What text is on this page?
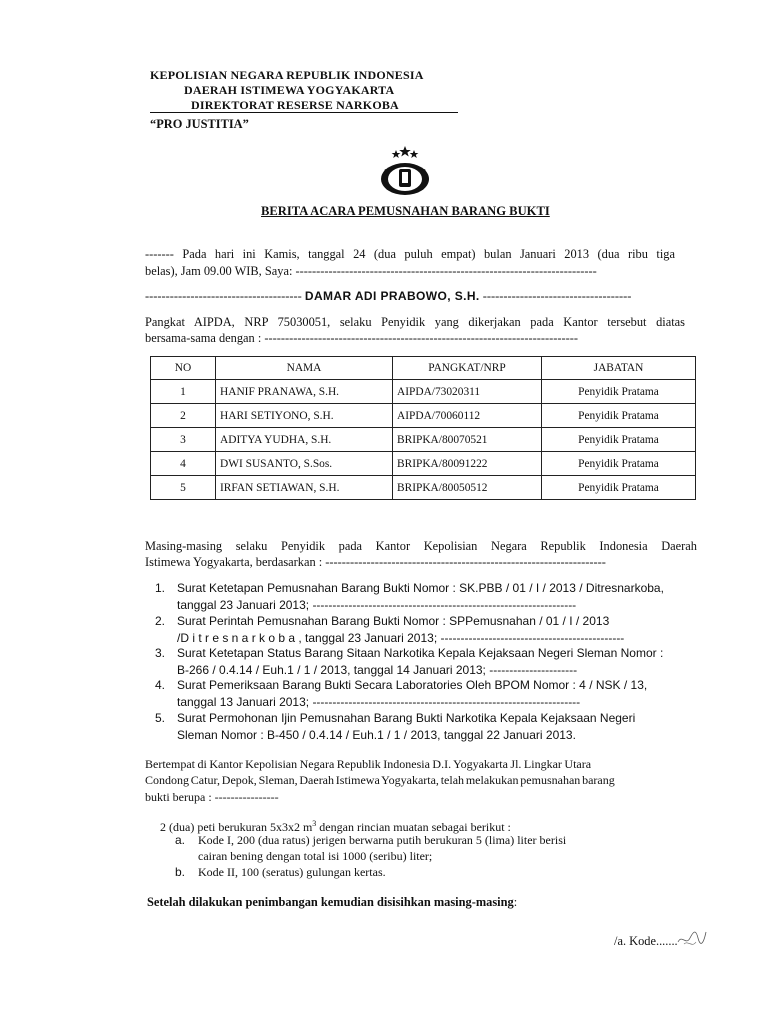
KEPOLISIAN NEGARA REPUBLIK INDONESIA
DAERAH ISTIMEWA YOGYAKARTA
DIREKTORAT RESERSE NARKOBA
“PRO JUSTITIA”
BERITA ACARA PEMUSNAHAN BARANG BUKTI
------- Pada hari ini Kamis, tanggal 24 (dua puluh empat) bulan Januari 2013 (dua ribu tiga
belas), Jam 09.00 WIB, Saya: -------------------------------------------------------------------------
-------------------------------------- DAMAR ADI PRABOWO, S.H. ------------------------------------
Pangkat AIPDA, NRP 75030051, selaku Penyidik yang dikerjakan pada Kantor tersebut diatas
bersama-sama dengan : ----------------------------------------------------------------------------
NO	NAMA	PANGKAT/NRP	JABATAN
1	HANIF PRANAWA, S.H.	AIPDA/73020311	Penyidik Pratama
2	HARI SETIYONO, S.H.	AIPDA/70060112	Penyidik Pratama
3	ADITYA YUDHA, S.H.	BRIPKA/80070521	Penyidik Pratama
4	DWI SUSANTO, S.Sos.	BRIPKA/80091222	Penyidik Pratama
5	IRFAN SETIAWAN, S.H.	BRIPKA/80050512	Penyidik Pratama
Masing-masing selaku Penyidik pada Kantor Kepolisian Negara Republik Indonesia Daerah
Istimewa Yogyakarta, berdasarkan : --------------------------------------------------------------------
1. Surat Ketetapan Pemusnahan Barang Bukti Nomor : SK.PBB / 01 / I / 2013 / Ditresnarkoba,
tanggal 23 Januari 2013; ------------------------------------------------------------------
2. Surat Perintah Pemusnahan Barang Bukti Nomor : SPPemusnahan / 01 / I / 2013
/D i t r e s n a r k o b a , tanggal 23 Januari 2013; ----------------------------------------------
3. Surat Ketetapan Status Barang Sitaan Narkotika Kepala Kejaksaan Negeri Sleman Nomor :
B-266 / 0.4.14 / Euh.1 / 1 / 2013, tanggal 14 Januari 2013; ----------------------
4. Surat Pemeriksaan Barang Bukti Secara Laboratories Oleh BPOM Nomor : 4 / NSK / 13,
tanggal 13 Januari 2013; -------------------------------------------------------------------
5. Surat Permohonan Ijin Pemusnahan Barang Bukti Narkotika Kepala Kejaksaan Negeri
Sleman Nomor : B-450 / 0.4.14 / Euh.1 / 1 / 2013, tanggal 22 Januari 2013.
Bertempat di Kantor Kepolisian Negara Republik Indonesia D.I. Yogyakarta Jl. Lingkar Utara
Condong Catur, Depok, Sleman, Daerah Istimewa Yogyakarta, telah melakukan pemusnahan barang
bukti berupa : ----------------
2 (dua) peti berukuran 5x3x2 $m^3$ dengan rincian muatan sebagai berikut :
a. Kode I, 200 (dua ratus) jerigen berwarna putih berukuran 5 (lima) liter berisi
cairan bening dengan total isi 1000 (seribu) liter;
b. Kode II, 100 (seratus) gulungan kertas.
Setelah dilakukan penimbangan kemudian disisihkan masing-masing:
/a. Kode.......
